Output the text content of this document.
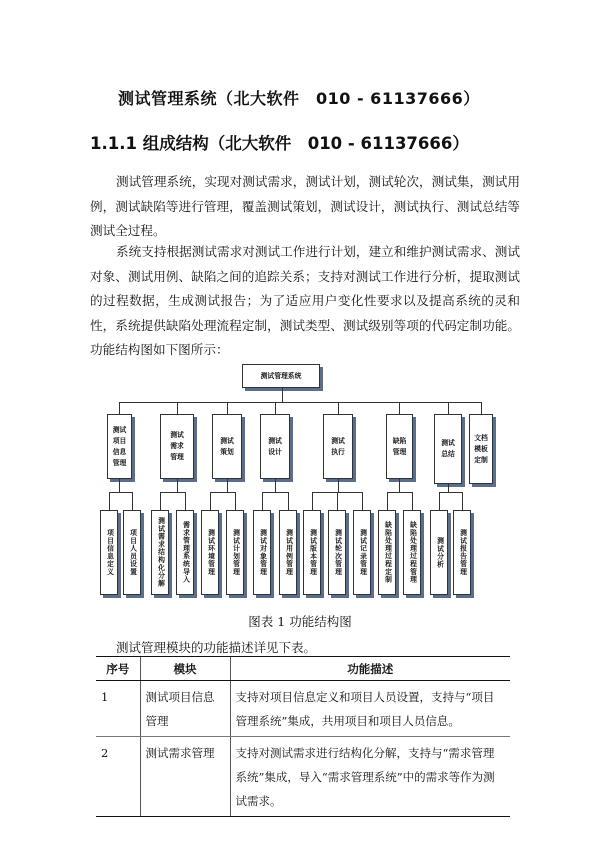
测试管理系统（北大软件　010 - 61137666）
1.1.1 组成结构（北大软件　010 - 61137666）
测试管理系统，实现对测试需求，测试计划，测试轮次，测试集，测试用例，测试缺陷等进行管理，覆盖测试策划，测试设计，测试执行、测试总结等测试全过程。
系统支持根据测试需求对测试工作进行计划，建立和维护测试需求、测试对象、测试用例、缺陷之间的追踪关系；支持对测试工作进行分析，提取测试的过程数据，生成测试报告；为了适应用户变化性要求以及提高系统的灵和性，系统提供缺陷处理流程定制，测试类型、测试级别等项的代码定制功能。功能结构图如下图所示：
测试管理系统
测试项目信息管理
测试需求管理
测试策划
测试设计
测试执行
缺陷管理
测试总结
文档模板定制
项目信息定义 项目人员设置	测试需求结构化分解	需求管理系统导入	测试环境管理	测试计划管理	测试对象管理	测试用例管理 测试版本管理	测试轮次管理	测试记录管理	缺陷处理过程定制	缺陷处理过程管理	测试分析 测试报告管理
图表 1 功能结构图
测试管理模块的功能描述详见下表。
序号	模块	功能描述
1	测试项目信息管理	支持对项目信息定义和项目人员设置，支持与“项目管理系统”集成，共用项目和项目人员信息。
2	测试需求管理	支持对测试需求进行结构化分解，支持与“需求管理系统”集成，导入“需求管理系统”中的需求等作为测试需求。
